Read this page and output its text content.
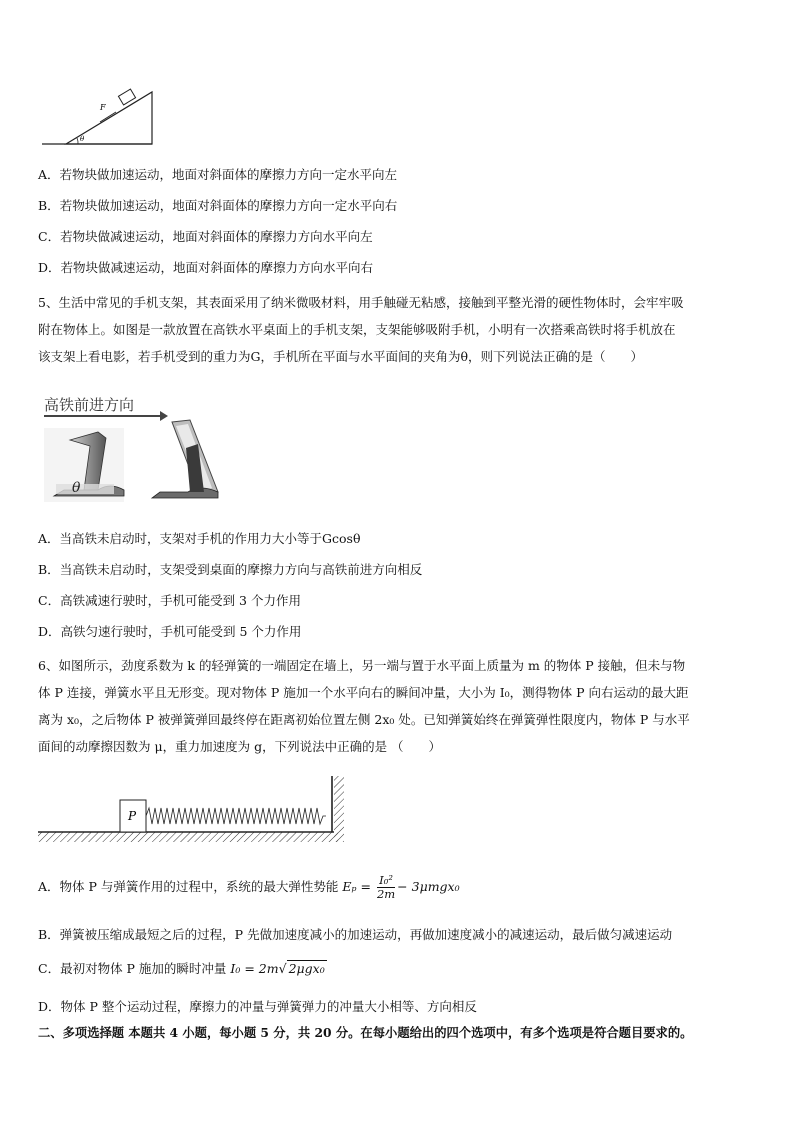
F
θ
A．若物块做加速运动，地面对斜面体的摩擦力方向一定水平向左
B．若物块做加速运动，地面对斜面体的摩擦力方向一定水平向右
C．若物块做减速运动，地面对斜面体的摩擦力方向水平向左
D．若物块做减速运动，地面对斜面体的摩擦力方向水平向右
5、生活中常见的手机支架，其表面采用了纳米微吸材料，用手触碰无粘感，接触到平整光滑的硬性物体时，会牢牢吸
附在物体上。如图是一款放置在高铁水平桌面上的手机支架，支架能够吸附手机，小明有一次搭乘高铁时将手机放在
该支架上看电影，若手机受到的重力为G，手机所在平面与水平面间的夹角为θ，则下列说法正确的是（　　）
高铁前进方向
θ
A．当高铁未启动时，支架对手机的作用力大小等于Gcosθ
B．当高铁未启动时，支架受到桌面的摩擦力方向与高铁前进方向相反
C．高铁减速行驶时，手机可能受到 3 个力作用
D．高铁匀速行驶时，手机可能受到 5 个力作用
6、如图所示，劲度系数为 k 的轻弹簧的一端固定在墙上，另一端与置于水平面上质量为 m 的物体 P 接触，但未与物
体 P 连接，弹簧水平且无形变。现对物体 P 施加一个水平向右的瞬间冲量，大小为 I₀，测得物体 P 向右运动的最大距
离为 x₀，之后物体 P 被弹簧弹回最终停在距离初始位置左侧 2x₀ 处。已知弹簧始终在弹簧弹性限度内，物体 P 与水平
面间的动摩擦因数为 μ，重力加速度为 g，下列说法中正确的是 （　　）
P
A．物体 P 与弹簧作用的过程中，系统的最大弹性势能 $E_p = \frac{\text{I₀²}}{2m} - 3\mu mgx_0$
B．弹簧被压缩成最短之后的过程，P 先做加速度减小的加速运动，再做加速度减小的减速运动，最后做匀减速运动
C．最初对物体 P 施加的瞬时冲量 I₀ = 2m√ 2μgx₀
D．物体 P 整个运动过程，摩擦力的冲量与弹簧弹力的冲量大小相等、方向相反
二、多项选择题 本题共 4 小题，每小题 5 分，共 20 分。在每小题给出的四个选项中，有多个选项是符合题目要求的。
